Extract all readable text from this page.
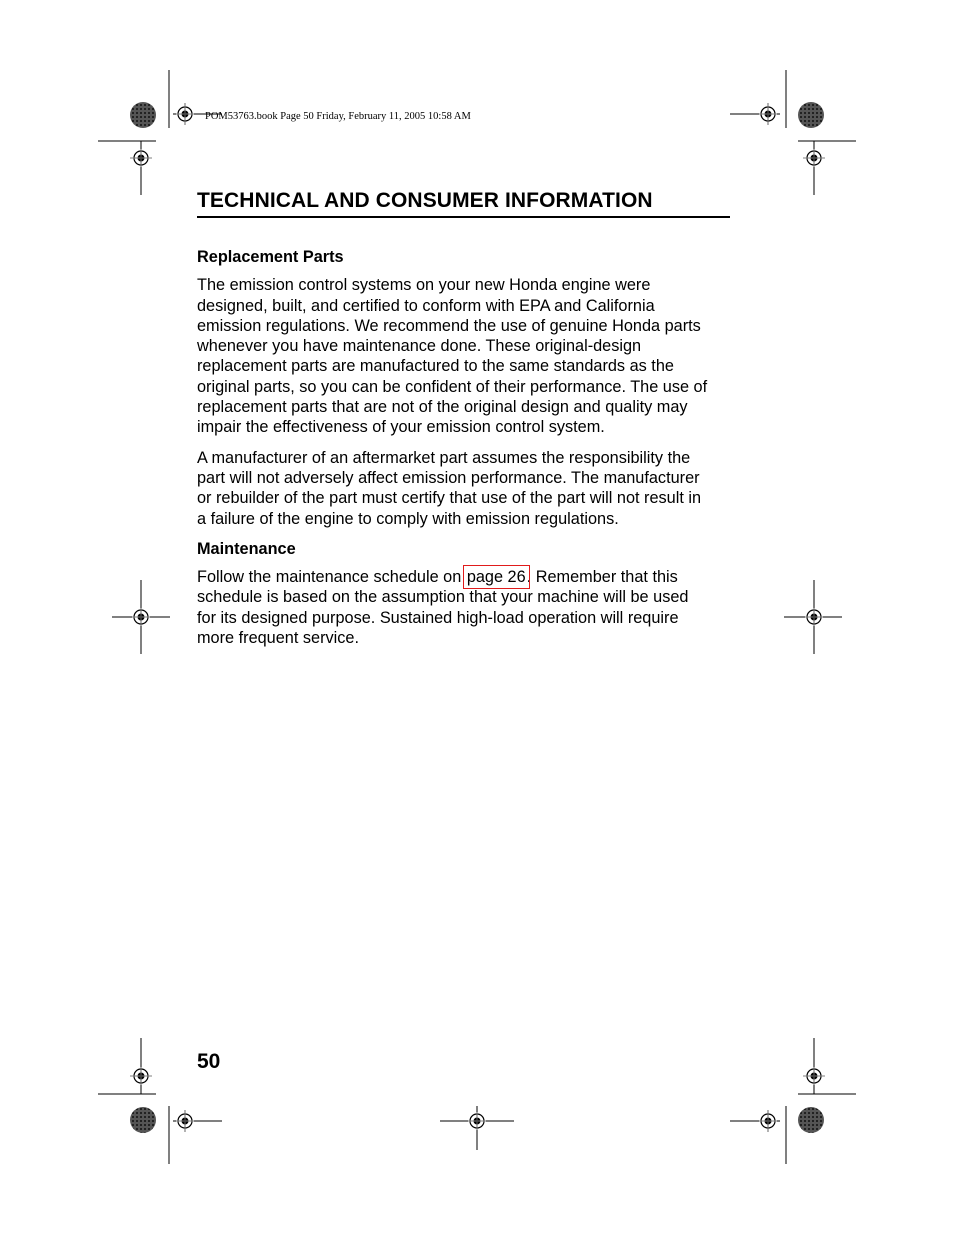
POM53763.book Page 50 Friday, February 11, 2005 10:58 AM
TECHNICAL AND CONSUMER INFORMATION
Replacement Parts

The emission control systems on your new Honda engine were
designed, built, and certified to conform with EPA and California
emission regulations. We recommend the use of genuine Honda parts
whenever you have maintenance done. These original-design
replacement parts are manufactured to the same standards as the
original parts, so you can be confident of their performance. The use of
replacement parts that are not of the original design and quality may
impair the effectiveness of your emission control system.

A manufacturer of an aftermarket part assumes the responsibility the
part will not adversely affect emission performance. The manufacturer
or rebuilder of the part must certify that use of the part will not result in
a failure of the engine to comply with emission regulations.

Maintenance

Follow the maintenance schedule on page 26. Remember that this
schedule is based on the assumption that your machine will be used
for its designed purpose. Sustained high-load operation will require
more frequent service.

50
